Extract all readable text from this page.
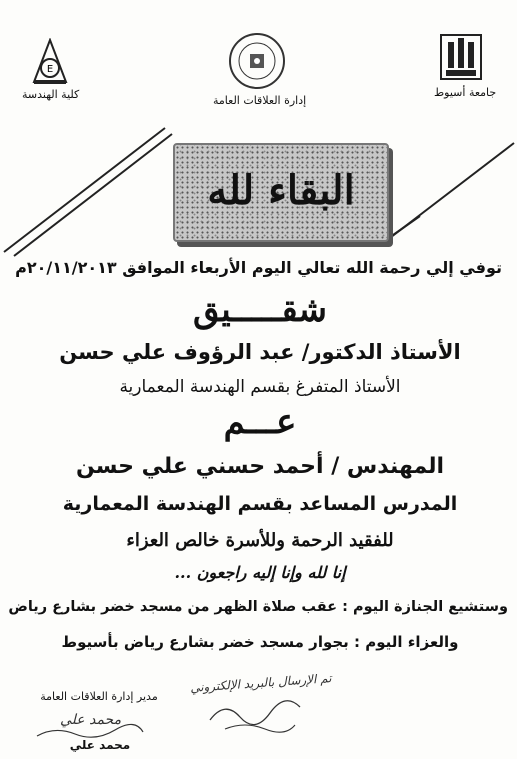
E
كلية الهندسة	إدارة العلاقات العامة
جامعة أسيوط
البقاء لله
توفي إلي رحمة الله تعالي اليوم الأربعاء الموافق ٢٠/١١/٢٠١٣م
شقـــــيق
الأستاذ الدكتور/ عبد الرؤوف علي حسن
الأستاذ المتفرغ بقسم الهندسة المعمارية
عـــم
المهندس / أحمد حسني علي حسن
المدرس المساعد بقسم الهندسة المعمارية
للفقيد الرحمة وللأسرة خالص العزاء
إنا لله وإنا إليه راجعون ...
وستشيع الجنازة اليوم : عقب صلاة الظهر من مسجد خضر بشارع رياض
والعزاء اليوم : بجوار مسجد خضر بشارع رياض بأسيوط
تم الإرسال بالبريد الإلكتروني
مدير إدارة العلاقات العامة
محمد علي
محمد علي
